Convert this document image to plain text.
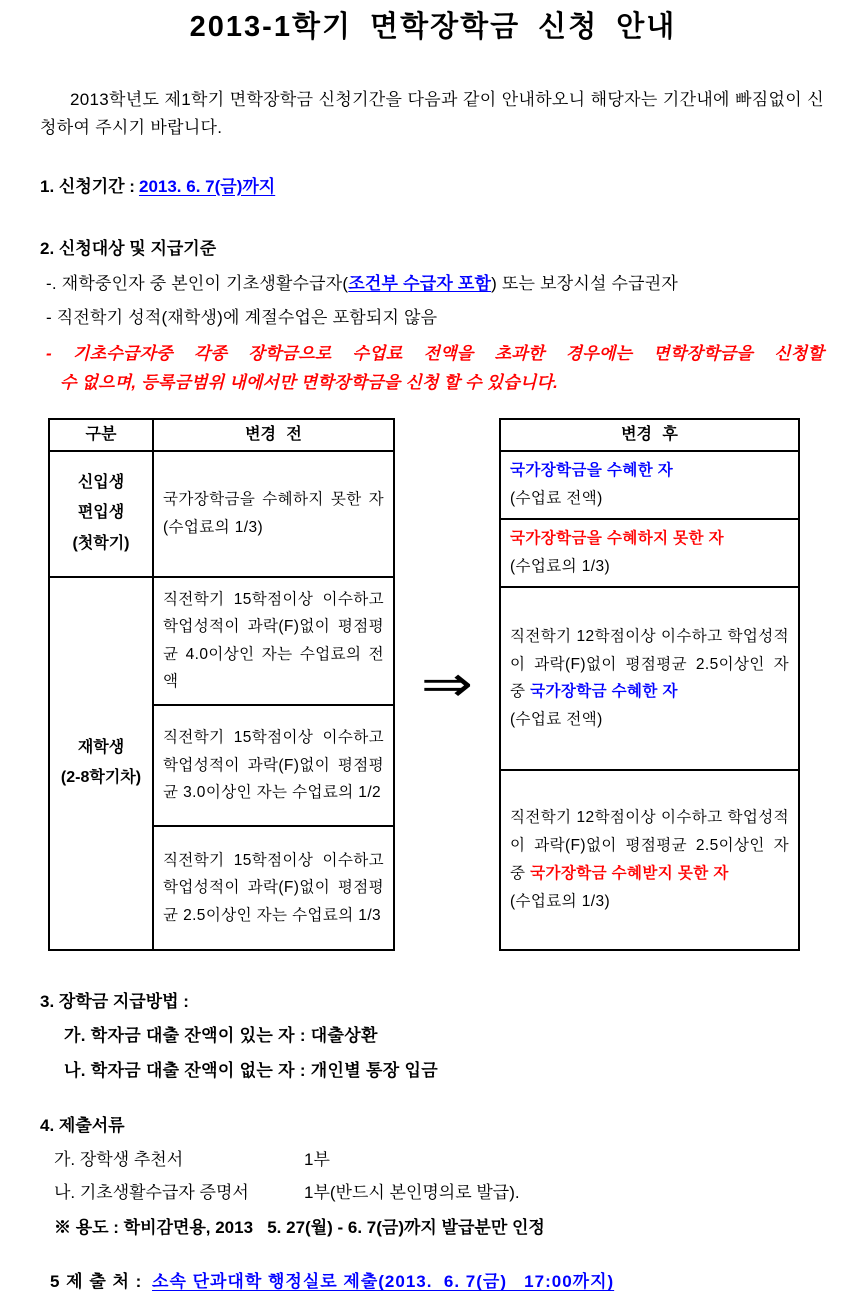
2013-1학기 면학장학금 신청 안내

2013학년도 제1학기 면학장학금 신청기간을 다음과 같이 안내하오니 해당자는 기간내에 빠짐없이 신청하여 주시기 바랍니다.

1. 신청기간 : 2013. 6. 7(금)까지
2. 신청대상 및 지급기준
-. 재학중인자 중 본인이 기초생활수급자(조건부 수급자 포함) 또는 보장시설 수급권자
- 직전학기 성적(재학생)에 계절수업은 포함되지 않음
- 기초수급자중 각종 장학금으로 수업료 전액을 초과한 경우에는 면학장학금을 신청할
수 없으며, 등록금범위 내에서만 면학장학금을 신청 할 수 있습니다.
구분	변경 전
신입생
편입생
(첫학기)	국가장학금을 수혜하지 못한 자(수업료의 1/3)
재학생
(2-8학기차)	직전학기 15학점이상 이수하고 학업성적이 과락(F)없이 평점평균 4.0이상인 자는 수업료의 전액
	직전학기 15학점이상 이수하고 학업성적이 과락(F)없이 평점평균 3.0이상인 자는 수업료의 1/2
	직전학기 15학점이상 이수하고 학업성적이 과락(F)없이 평점평균 2.5이상인 자는 수업료의 1/3
⇒
변경 후

국가장학금을 수혜한 자
(수업료 전액)

국가장학금을 수혜하지 못한 자
(수업료의 1/3)

직전학기 12학점이상 이수하고 학업성적이 과락(F)없이 평점평균 2.5이상인 자 중 국가장학금 수혜한 자
(수업료 전액)

직전학기 12학점이상 이수하고 학업성적이 과락(F)없이 평점평균 2.5이상인 자 중 국가장학금 수혜받지 못한 자
(수업료의 1/3)
3. 장학금 지급방법 :
가. 학자금 대출 잔액이 있는 자 : 대출상환
나. 학자금 대출 잔액이 없는 자 : 개인별 통장 입금
4. 제출서류
가. 장학생 추천서	1부
나. 기초생활수급자 증명서	1부(반드시 본인명의로 발급).
※ 용도 : 학비감면용, 2013   5. 27(월) - 6. 7(금)까지 발급분만 인정
5 제 출 처 : 소속 단과대학 행정실로 제출(2013.  6. 7(금)   17:00까지)
